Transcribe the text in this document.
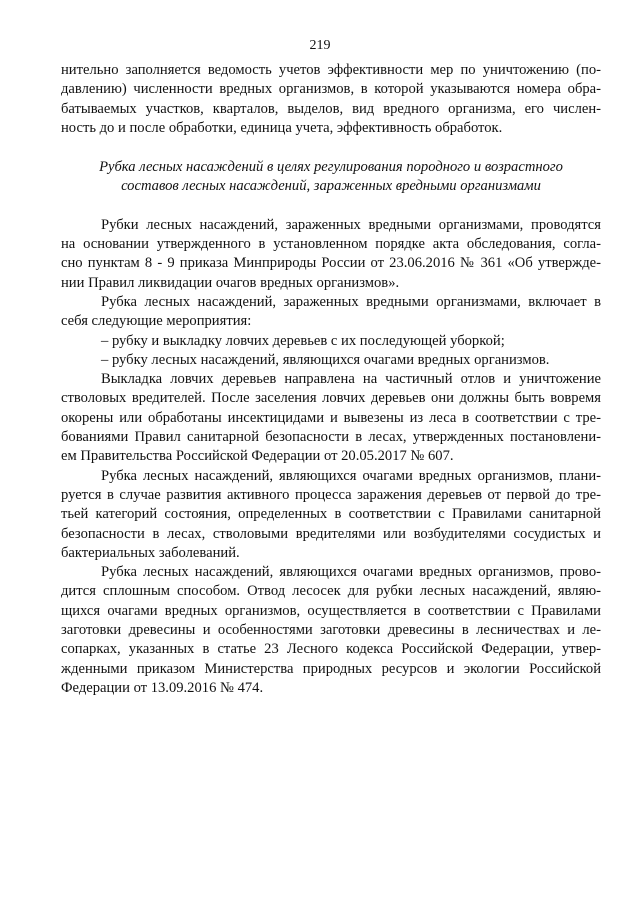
219
нительно заполняется ведомость учетов эффективности мер по уничтожению (по-
давлению) численности вредных организмов, в которой указываются номера обра-
батываемых участков, кварталов, выделов, вид вредного организма, его числен-
ность до и после обработки, единица учета, эффективность обработок.
Рубка лесных насаждений в целях регулирования породного и возрастного
составов лесных насаждений, зараженных вредными организмами
Рубки лесных насаждений, зараженных вредными организмами, проводятся
на основании утвержденного в установленном порядке акта обследования, согла-
сно пунктам 8 - 9 приказа Минприроды России от 23.06.2016 № 361 «Об утвержде-
нии Правил ликвидации очагов вредных организмов».
Рубка лесных насаждений, зараженных вредными организмами, включает в
себя следующие мероприятия:
– рубку и выкладку ловчих деревьев с их последующей уборкой;
– рубку лесных насаждений, являющихся очагами вредных организмов.
Выкладка ловчих деревьев направлена на частичный отлов и уничтожение
стволовых вредителей. После заселения ловчих деревьев они должны быть вовремя
окорены или обработаны инсектицидами и вывезены из леса в соответствии с тре-
бованиями Правил санитарной безопасности в лесах, утвержденных постановлени-
ем Правительства Российской Федерации от 20.05.2017 № 607.
Рубка лесных насаждений, являющихся очагами вредных организмов, плани-
руется в случае развития активного процесса заражения деревьев от первой до тре-
тьей категорий состояния, определенных в соответствии с Правилами санитарной
безопасности в лесах, стволовыми вредителями или возбудителями сосудистых и
бактериальных заболеваний.
Рубка лесных насаждений, являющихся очагами вредных организмов, прово-
дится сплошным способом. Отвод лесосек для рубки лесных насаждений, являю-
щихся очагами вредных организмов, осуществляется в соответствии с Правилами
заготовки древесины и особенностями заготовки древесины в лесничествах и ле-
сопарках, указанных в статье 23 Лесного кодекса Российской Федерации, утвер-
жденными приказом Министерства природных ресурсов и экологии Российской
Федерации от 13.09.2016 № 474.
